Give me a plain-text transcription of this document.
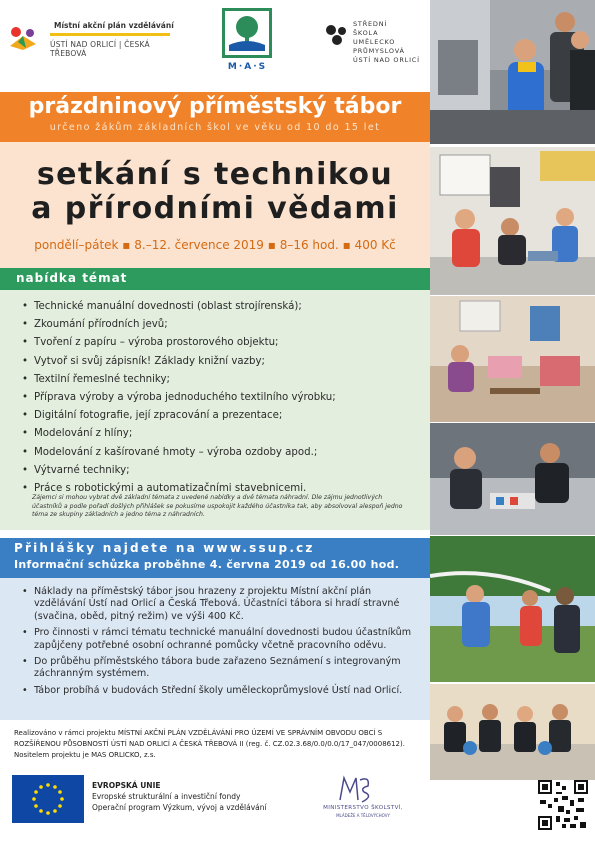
Místní akční plán vzdělávání
ÚSTÍ NAD ORLICÍ | ČESKÁ TŘEBOVÁ
M·A·S
STŘEDNÍ
ŠKOLA
UMĚLECKO
PRŮMYSLOVÁ
ÚSTÍ NAD ORLICÍ
prázdninový příměstský tábor
určeno žákům základních škol ve věku od 10 do 15 let
setkání s technikou
a přírodními vědami
pondělí–pátek ▪ 8.–12. července 2019 ▪ 8–16 hod. ▪ 400 Kč
nabídka témat
• Technické manuální dovednosti (oblast strojírenská);
• Zkoumání přírodních jevů;
• Tvoření z papíru – výroba prostorového objektu;
• Vytvoř si svůj zápisník! Základy knižní vazby;
• Textilní řemeslné techniky;
• Příprava výroby a výroba jednoduchého textilního výrobku;
• Digitální fotografie, její zpracování a prezentace;
• Modelování z hlíny;
• Modelování z kašírované hmoty – výroba ozdoby apod.;
• Výtvarné techniky;
• Práce s robotickými a automatizačními stavebnicemi.
Zájemci si mohou vybrat dvě základní témata z uvedené nabídky a dvě témata náhradní. Dle zájmu jednotlivých účastníků a podle pořadí došlých přihlášek se pokusíme uspokojit každého účastníka tak, aby absolvoval alespoň jedno téma ze skupiny základních a jedno téma z náhradních.
Přihlášky najdete na www.ssup.cz
Informační schůzka proběhne 4. června 2019 od 16.00 hod.
• Náklady na příměstský tábor jsou hrazeny z projektu Místní akční plán vzdělávání Ústí nad Orlicí a Česká Třebová. Účastníci tábora si hradí stravné (svačina, oběd, pitný režim) ve výši 400 Kč.
• Pro činnosti v rámci tématu technické manuální dovednosti budou účastníkům zapůjčeny potřebné osobní ochranné pomůcky včetně pracovního oděvu.
• Do průběhu příměstského tábora bude zařazeno Seznámení s integrovaným záchranným systémem.
• Tábor probíhá v budovách Střední školy uměleckoprůmyslové Ústí nad Orlicí.
Realizováno v rámci projektu MÍSTNÍ AKČNÍ PLÁN VZDĚLÁVÁNÍ PRO ÚZEMÍ VE SPRÁVNÍM OBVODU OBCÍ S ROZŠÍŘENOU PŮSOBNOSTÍ ÚSTÍ NAD ORLICÍ A ČESKÁ TŘEBOVÁ II (reg. č. CZ.02.3.68/0.0/0.0/17_047/0008612). Nositelem projektu je MAS ORLICKO, z.s.
EVROPSKÁ UNIE
Evropské strukturální a investiční fondy
Operační program Výzkum, vývoj a vzdělávání	MINISTERSTVO ŠKOLSTVÍ,
MLÁDEŽE A TĚLOVÝCHOVY
